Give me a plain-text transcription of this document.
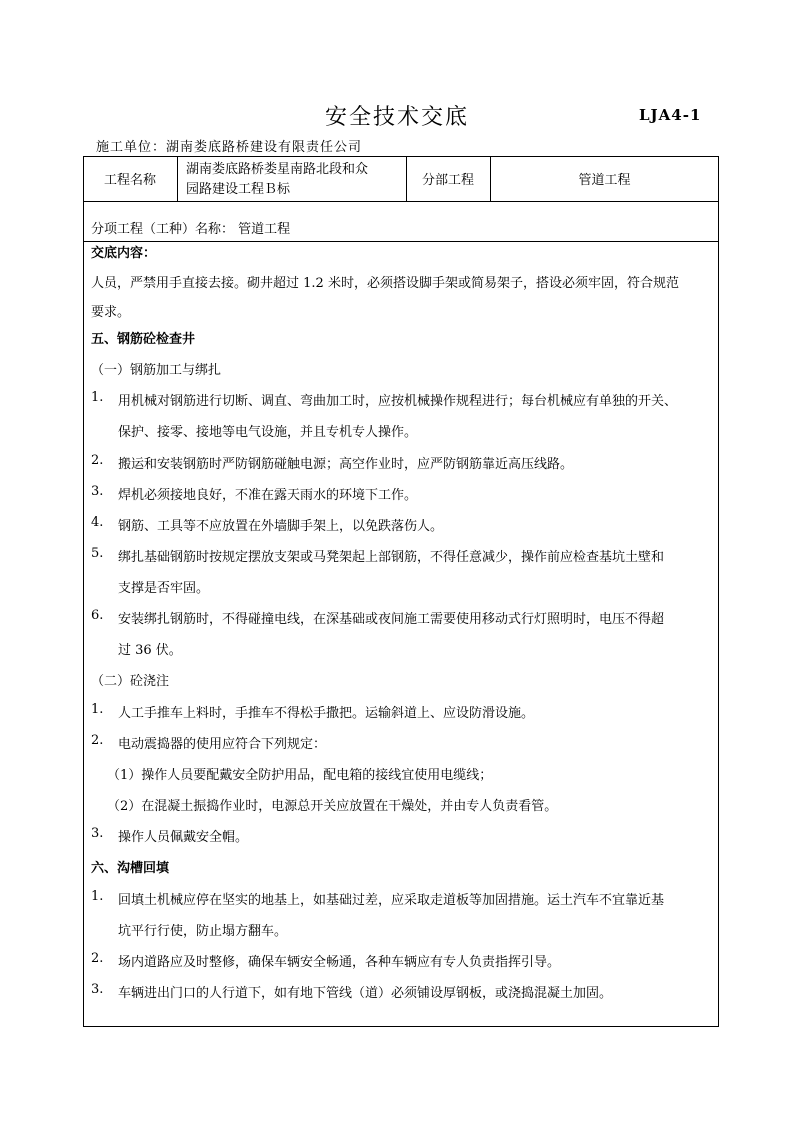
安全技术交底	LJA4-1
施工单位：湖南娄底路桥建设有限责任公司
工程名称
湖南娄底路桥娄星南路北段和众
园路建设工程Ｂ标
分部工程	管道工程
分项工程（工种）名称： 管道工程
交底内容：
人员，严禁用手直接去接。砌井超过 1.2 米时，必须搭设脚手架或简易架子，搭设必须牢固，符合规范
要求。
五、钢筋砼检查井
（一）钢筋加工与绑扎
1. 用机械对钢筋进行切断、调直、弯曲加工时，应按机械操作规程进行；每台机械应有单独的开关、
保护、接零、接地等电气设施，并且专机专人操作。
2. 搬运和安装钢筋时严防钢筋碰触电源；高空作业时，应严防钢筋靠近高压线路。
3. 焊机必须接地良好，不准在露天雨水的环境下工作。
4. 钢筋、工具等不应放置在外墙脚手架上，以免跌落伤人。
5. 绑扎基础钢筋时按规定摆放支架或马凳架起上部钢筋，不得任意减少，操作前应检查基坑土壁和
支撑是否牢固。
6. 安装绑扎钢筋时，不得碰撞电线，在深基础或夜间施工需要使用移动式行灯照明时，电压不得超
过 36 伏。
（二）砼浇注
1. 人工手推车上料时，手推车不得松手撒把。运输斜道上、应设防滑设施。
2. 电动震捣器的使用应符合下列规定：
（1）操作人员要配戴安全防护用品，配电箱的接线宜使用电缆线；
（2）在混凝土振捣作业时，电源总开关应放置在干燥处，并由专人负责看管。
3. 操作人员佩戴安全帽。
六、沟槽回填
1. 回填土机械应停在坚实的地基上，如基础过差，应采取走道板等加固措施。运土汽车不宜靠近基
坑平行行使，防止塌方翻车。
2. 场内道路应及时整修，确保车辆安全畅通，各种车辆应有专人负责指挥引导。
3. 车辆进出门口的人行道下，如有地下管线（道）必须铺设厚钢板，或浇捣混凝土加固。
